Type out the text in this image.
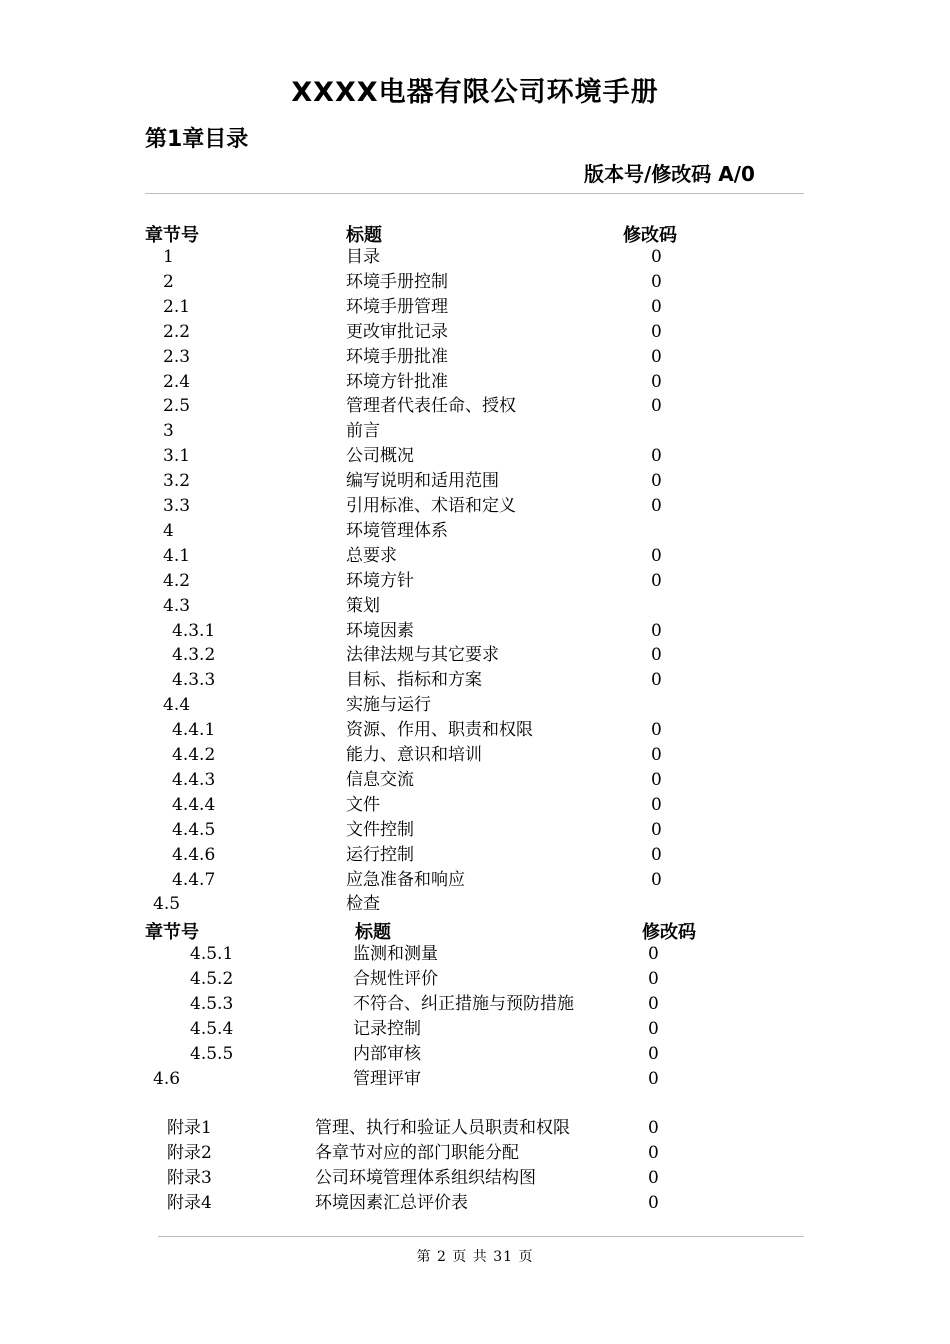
XXXX电器有限公司环境手册
第1章目录
版本号/修改码 A/0
章节号	标题	修改码
1	目录	0
2	环境手册控制	0
2.1	环境手册管理	0
2.2	更改审批记录	0
2.3	环境手册批准	0
2.4	环境方针批准	0
2.5	管理者代表任命、授权	0
3	前言
3.1	公司概况	0
3.2	编写说明和适用范围	0
3.3	引用标准、术语和定义	0
4	环境管理体系
4.1	总要求	0
4.2	环境方针	0
4.3	策划
4.3.1	环境因素	0
4.3.2	法律法规与其它要求	0
4.3.3	目标、指标和方案	0
4.4	实施与运行
4.4.1	资源、作用、职责和权限	0
4.4.2	能力、意识和培训	0
4.4.3	信息交流	0
4.4.4	文件	0
4.4.5	文件控制	0
4.4.6	运行控制	0
4.4.7	应急准备和响应	0
4.5	检查
章节号	标题	修改码
4.5.1	监测和测量	0
4.5.2	合规性评价	0
4.5.3	不符合、纠正措施与预防措施	0
4.5.4	记录控制	0
4.5.5	内部审核	0
4.6	管理评审	0
附录1	管理、执行和验证人员职责和权限	0
附录2	各章节对应的部门职能分配	0
附录3	公司环境管理体系组织结构图	0
附录4	环境因素汇总评价表	0
第 2 页 共 31 页
